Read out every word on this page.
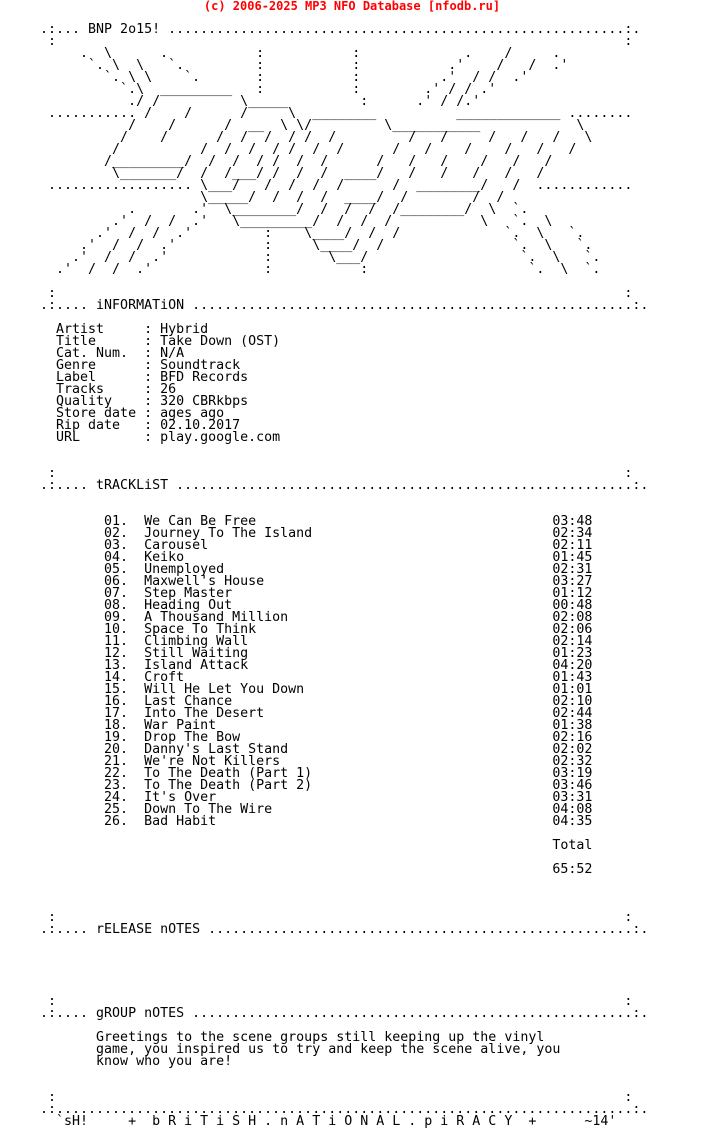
(c) 2006-2025 MP3 NFO Database [nfodb.ru]
.:... BNP 2o15! .........................................................:.
:                                                                       :
.  \      .           :           :             .    /     .
`. \  \   `.         :           :           .'    /   /  .'
`. \ \    `.       :           :          .'  / /  .'
`.\  _________   :           :        .' / / .'
./ /          \_____         :      .' / /.'
........... /    /      /     \  ________          _____________ ........
/    /      /  __  \ \/         \___________            \
/    /      /  /  /  / /  /         /   /     /   /   /   \
/          /  /  /  / /  /  /      /   /    /    /   /   /
/_________/  /  /  / /  /  /      /   /   /    /   /   /
\_______/  /  /___/ /  /  /  ____/   /   /   /   /   /
.................. \___/   /  /  /  /      /  ________/   /  ............
\_____/  /  /  /  ____/  /        /  /
.       .'  \________/  /  /  /  /________/  \  `.
.'  /  /  .'   \_________/  /  /  /           \   `.  \
.'  /  /  .'         :    \____/  /  /             `.  \   `.
.'  /  /  .'           :     \____/  /                `.  \   `.
.'  /  /  .'            :       \___/                   `.  \   `.
.'  /  /  .'              :           :                    `.  \  `.

:                                                                       :
.:.... iNFORMATiON .......................................................:.

Artist     : Hybrid
Title      : Take Down (OST)
Cat. Num.  : N/A
Genre      : Soundtrack
Label      : BFD Records
Tracks     : 26
Quality    : 320 CBRkbps
Store date : ages ago
Rip date   : 02.10.2017
URL        : play.google.com

:                                                                       :
.:.... tRACKLiST .........................................................:.

01.  We Can Be Free                                     03:48
02.  Journey To The Island                              02:34
03.  Carousel                                           02:11
04.  Keiko                                              01:45
05.  Unemployed                                         02:31
06.  Maxwell's House                                    03:27
07.  Step Master                                        01:12
08.  Heading Out                                        00:48
09.  A Thousand Million                                 02:08
10.  Space To Think                                     02:06
11.  Climbing Wall                                      02:14
12.  Still Waiting                                      01:23
13.  Island Attack                                      04:20
14.  Croft                                              01:43
15.  Will He Let You Down                               01:01
16.  Last Chance                                        02:10
17.  Into The Desert                                    02:44
18.  War Paint                                          01:38
19.  Drop The Bow                                       02:16
20.  Danny's Last Stand                                 02:02
21.  We're Not Killers                                  02:32
22.  To The Death (Part 1)                              03:19
23.  To The Death (Part 2)                              03:46
24.  It's Over                                          03:31
25.  Down To The Wire                                   04:08
26.  Bad Habit                                          04:35

Total

65:52

:                                                                       :
.:.... rELEASE nOTES .....................................................:.

:                                                                       :
.:.... gROUP nOTES .......................................................:.

Greetings to the scene groups still keeping up the vinyl
game, you inspired us to try and keep the scene alive, you
know who you are!

:                                                                       :
.:........................................................................:.
`sH!     +  b R i T i S H . n A T i O N A L . p i R A C Y  +      ~14'
